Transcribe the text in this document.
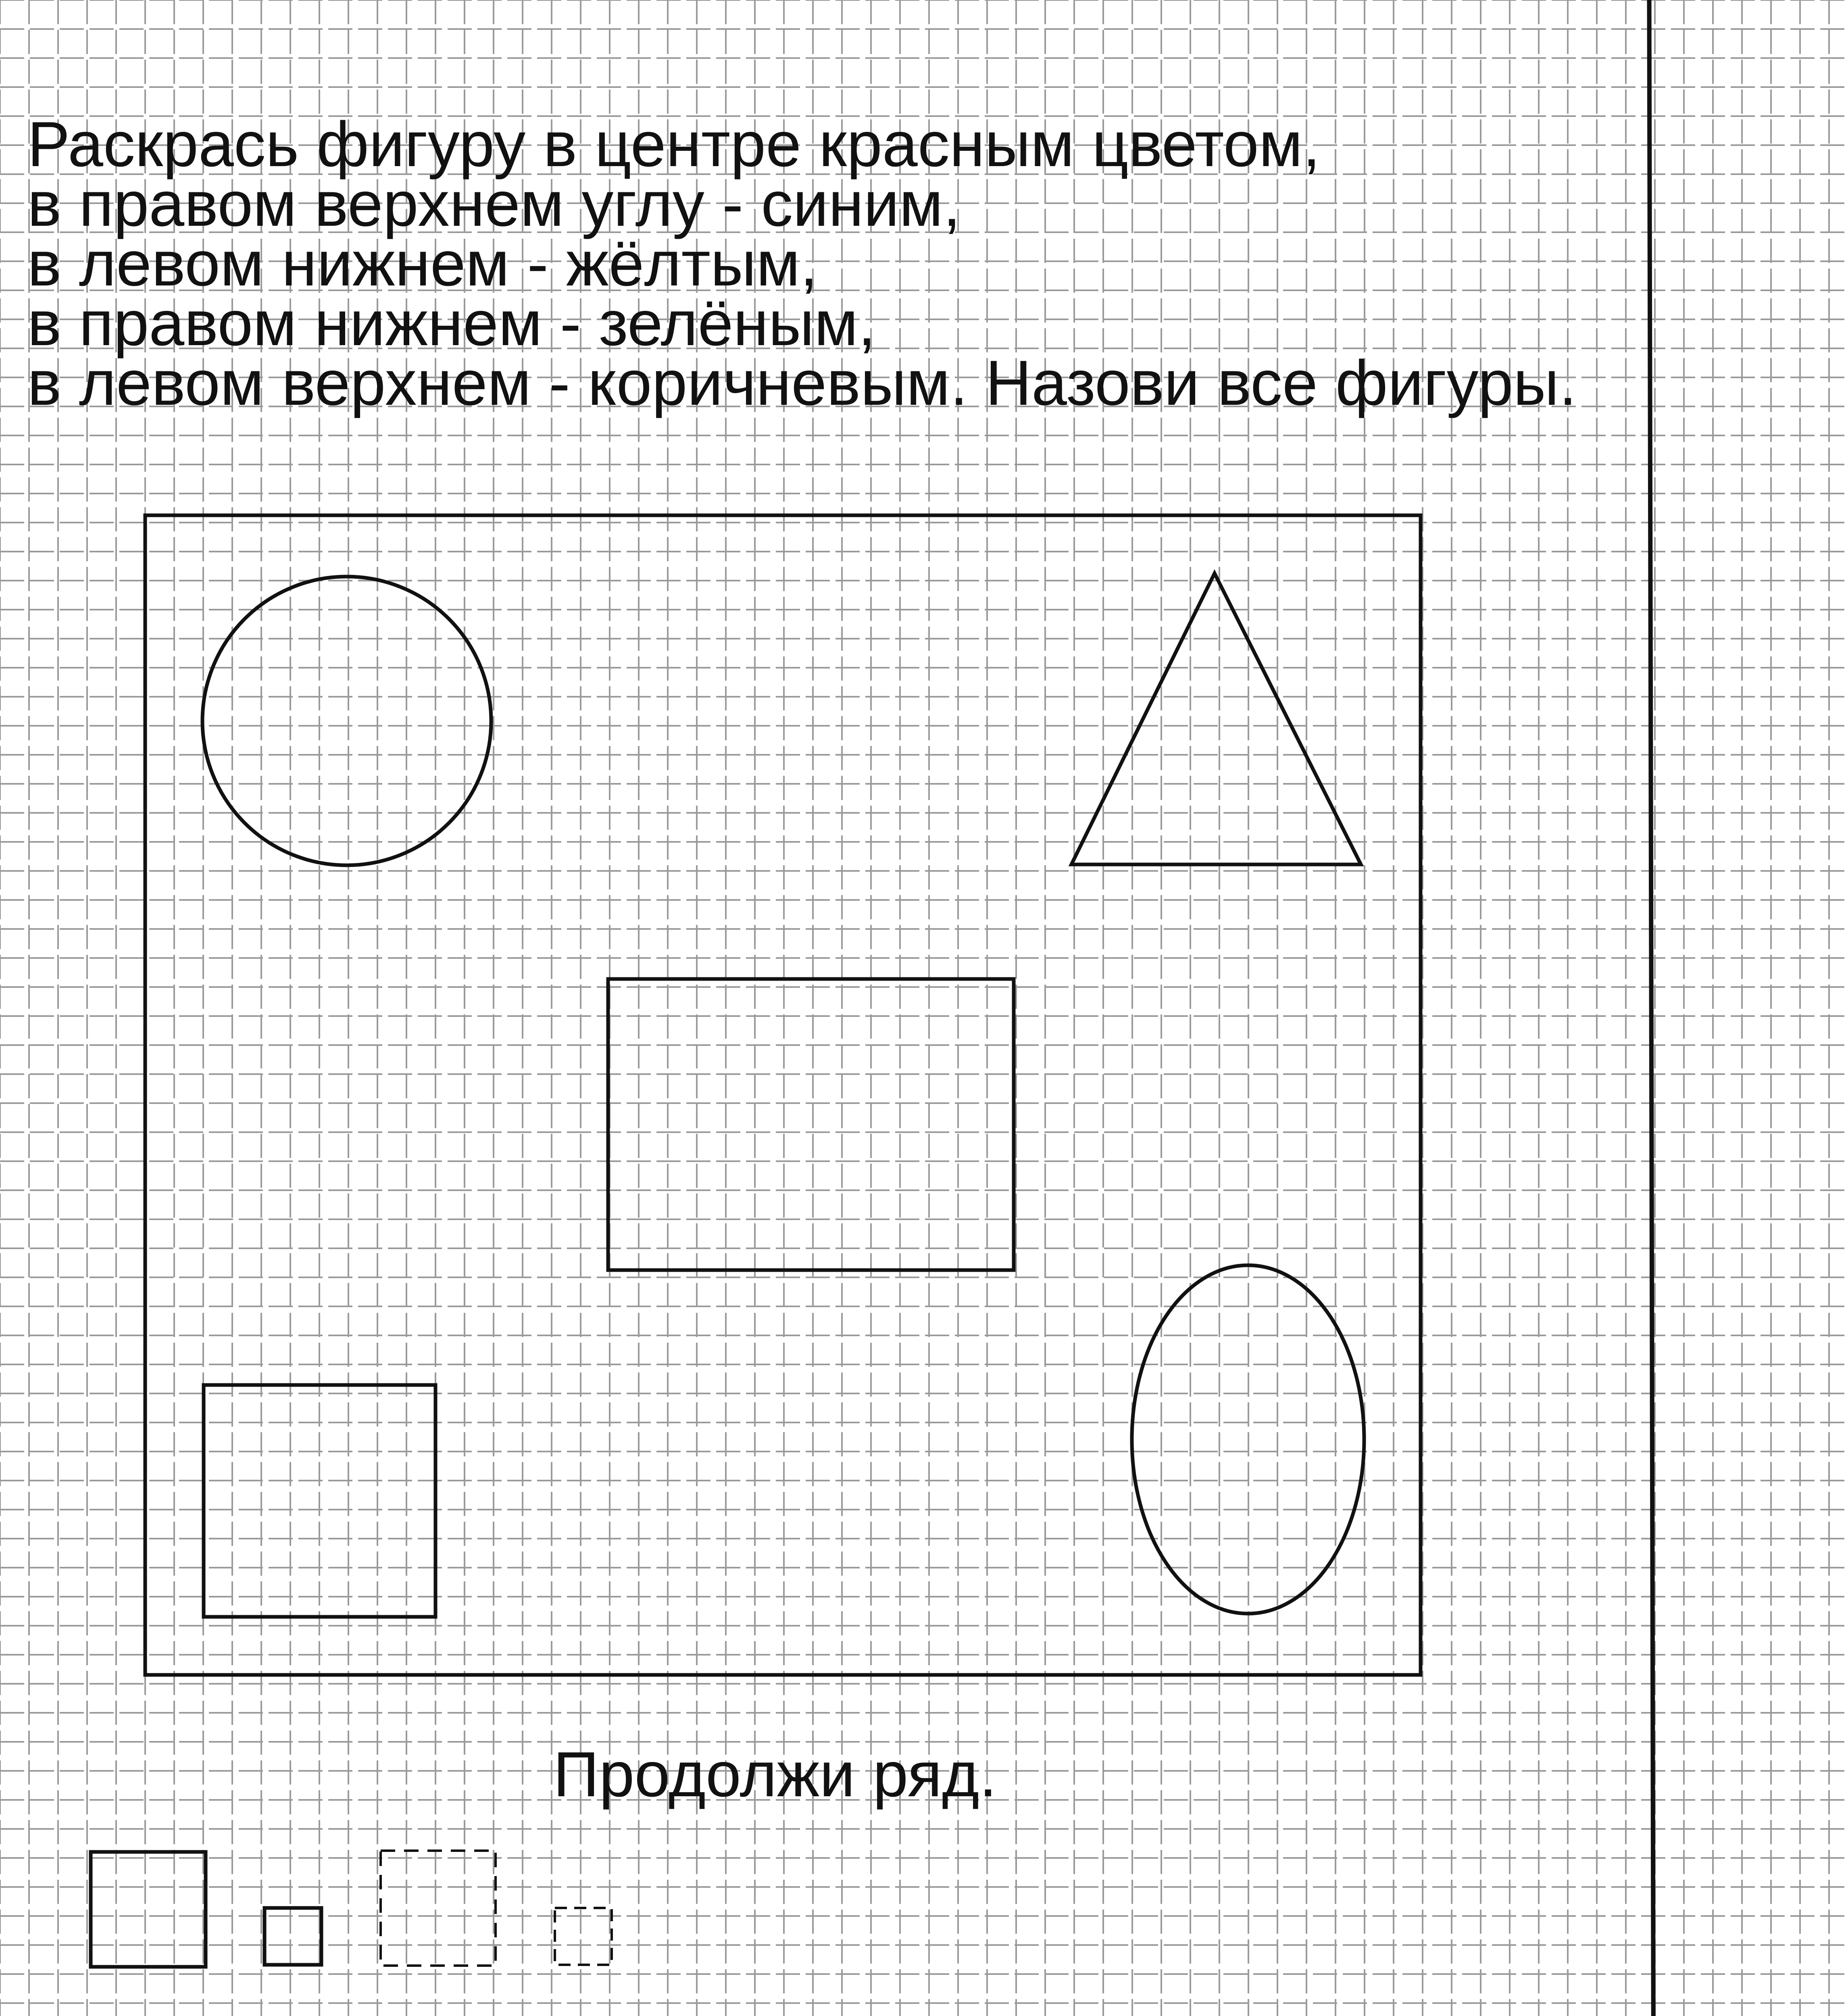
Раскрась фигуру в центре красным цветом,
в правом верхнем углу - синим,
в левом нижнем - жёлтым,
в правом нижнем - зелёным,
в левом верхнем - коричневым. Назови все фигуры.
Продолжи ряд.
